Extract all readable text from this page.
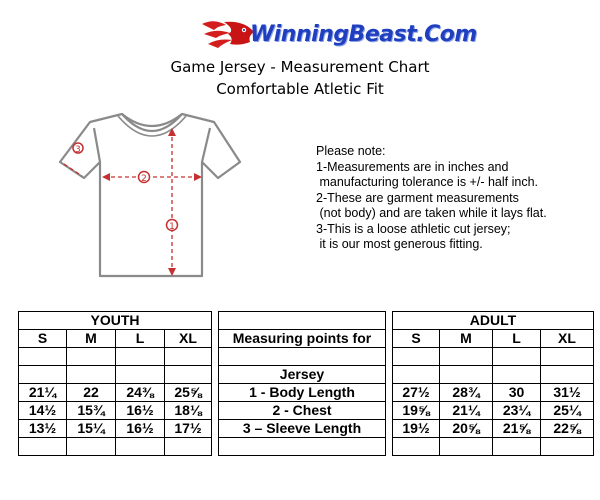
WinningBeast.Com
Game Jersey - Measurement Chart
Comfortable Atletic Fit
1
2
3	Please note:
1-Measurements are in inches and
manufacturing tolerance is +/- half inch.
2-These are garment measurements
(not body) and are taken while it lays flat.
3-This is a loose athletic cut jersey;
it is our most generous fitting.
YOUTH							ADULT			
S	M	L	XL		Measuring points for		S	M	L	XL

					Jersey					
21¼	22	24⅜	25⅝		1 - Body Length		27½	28¾	30	31½
14½	15¾	16½	18⅛		2 - Chest		19⅝	21¼	23¼	25¼
13½	15¼	16½	17½		3 – Sleeve Length		19½	20⅝	21⅝	22⅝
